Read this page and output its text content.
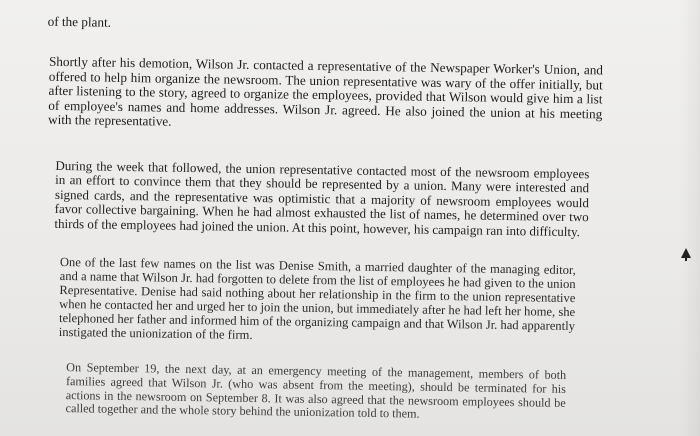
of the plant.

Shortly after his demotion, Wilson Jr. contacted a representative of the Newspaper Worker's Union, and offered to help him organize the newsroom. The union representative was wary of the offer initially, but after listening to the story, agreed to organize the employees, provided that Wilson would give him a list of employee's names and home addresses. Wilson Jr. agreed. He also joined the union at his meeting with the representative.

During the week that followed, the union representative contacted most of the newsroom employees in an effort to convince them that they should be represented by a union. Many were interested and signed cards, and the representative was optimistic that a majority of newsroom employees would favor collective bargaining. When he had almost exhausted the list of names, he determined over two thirds of the employees had joined the union. At this point, however, his campaign ran into difficulty.

One of the last few names on the list was Denise Smith, a married daughter of the managing editor, and a name that Wilson Jr. had forgotten to delete from the list of employees he had given to the union Representative. Denise had said nothing about her relationship in the firm to the union representative when he contacted her and urged her to join the union, but immediately after he had left her home, she telephoned her father and informed him of the organizing campaign and that Wilson Jr. had apparently instigated the unionization of the firm.

On September 19, the next day, at an emergency meeting of the management, members of both families agreed that Wilson Jr. (who was absent from the meeting), should be terminated for his actions in the newsroom on September 8. It was also agreed that the newsroom employees should be called together and the whole story behind the unionization told to them.
